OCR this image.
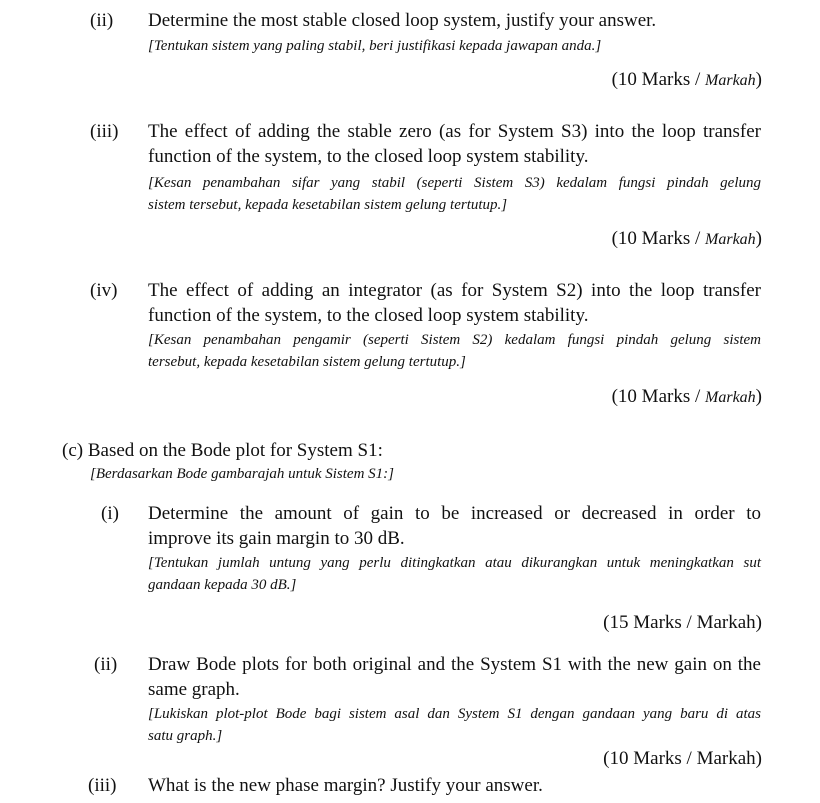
(ii) Determine the most stable closed loop system, justify your answer.
[Tentukan sistem yang paling stabil, beri justifikasi kepada jawapan anda.]
(10 Marks / Markah)
(iii) The effect of adding the stable zero (as for System S3) into the loop transfer
function of the system, to the closed loop system stability.
[Kesan penambahan sifar yang stabil (seperti Sistem S3) kedalam fungsi pindah gelung
sistem tersebut, kepada kesetabilan sistem gelung tertutup.]
(10 Marks / Markah)
(iv) The effect of adding an integrator (as for System S2) into the loop transfer
function of the system, to the closed loop system stability.
[Kesan penambahan pengamir (seperti Sistem S2) kedalam fungsi pindah gelung sistem
tersebut, kepada kesetabilan sistem gelung tertutup.]
(10 Marks / Markah)
(c) Based on the Bode plot for System S1:
[Berdasarkan Bode gambarajah untuk Sistem S1:]
(i) Determine the amount of gain to be increased or decreased in order to
improve its gain margin to 30 dB.
[Tentukan jumlah untung yang perlu ditingkatkan atau dikurangkan untuk meningkatkan sut
gandaan kepada 30 dB.]
(15 Marks / Markah)
(ii) Draw Bode plots for both original and the System S1 with the new gain on the
same graph.
[Lukiskan plot-plot Bode bagi sistem asal dan System S1 dengan gandaan yang baru di atas
satu graph.]
(10 Marks / Markah)
(iii) What is the new phase margin? Justify your answer.
